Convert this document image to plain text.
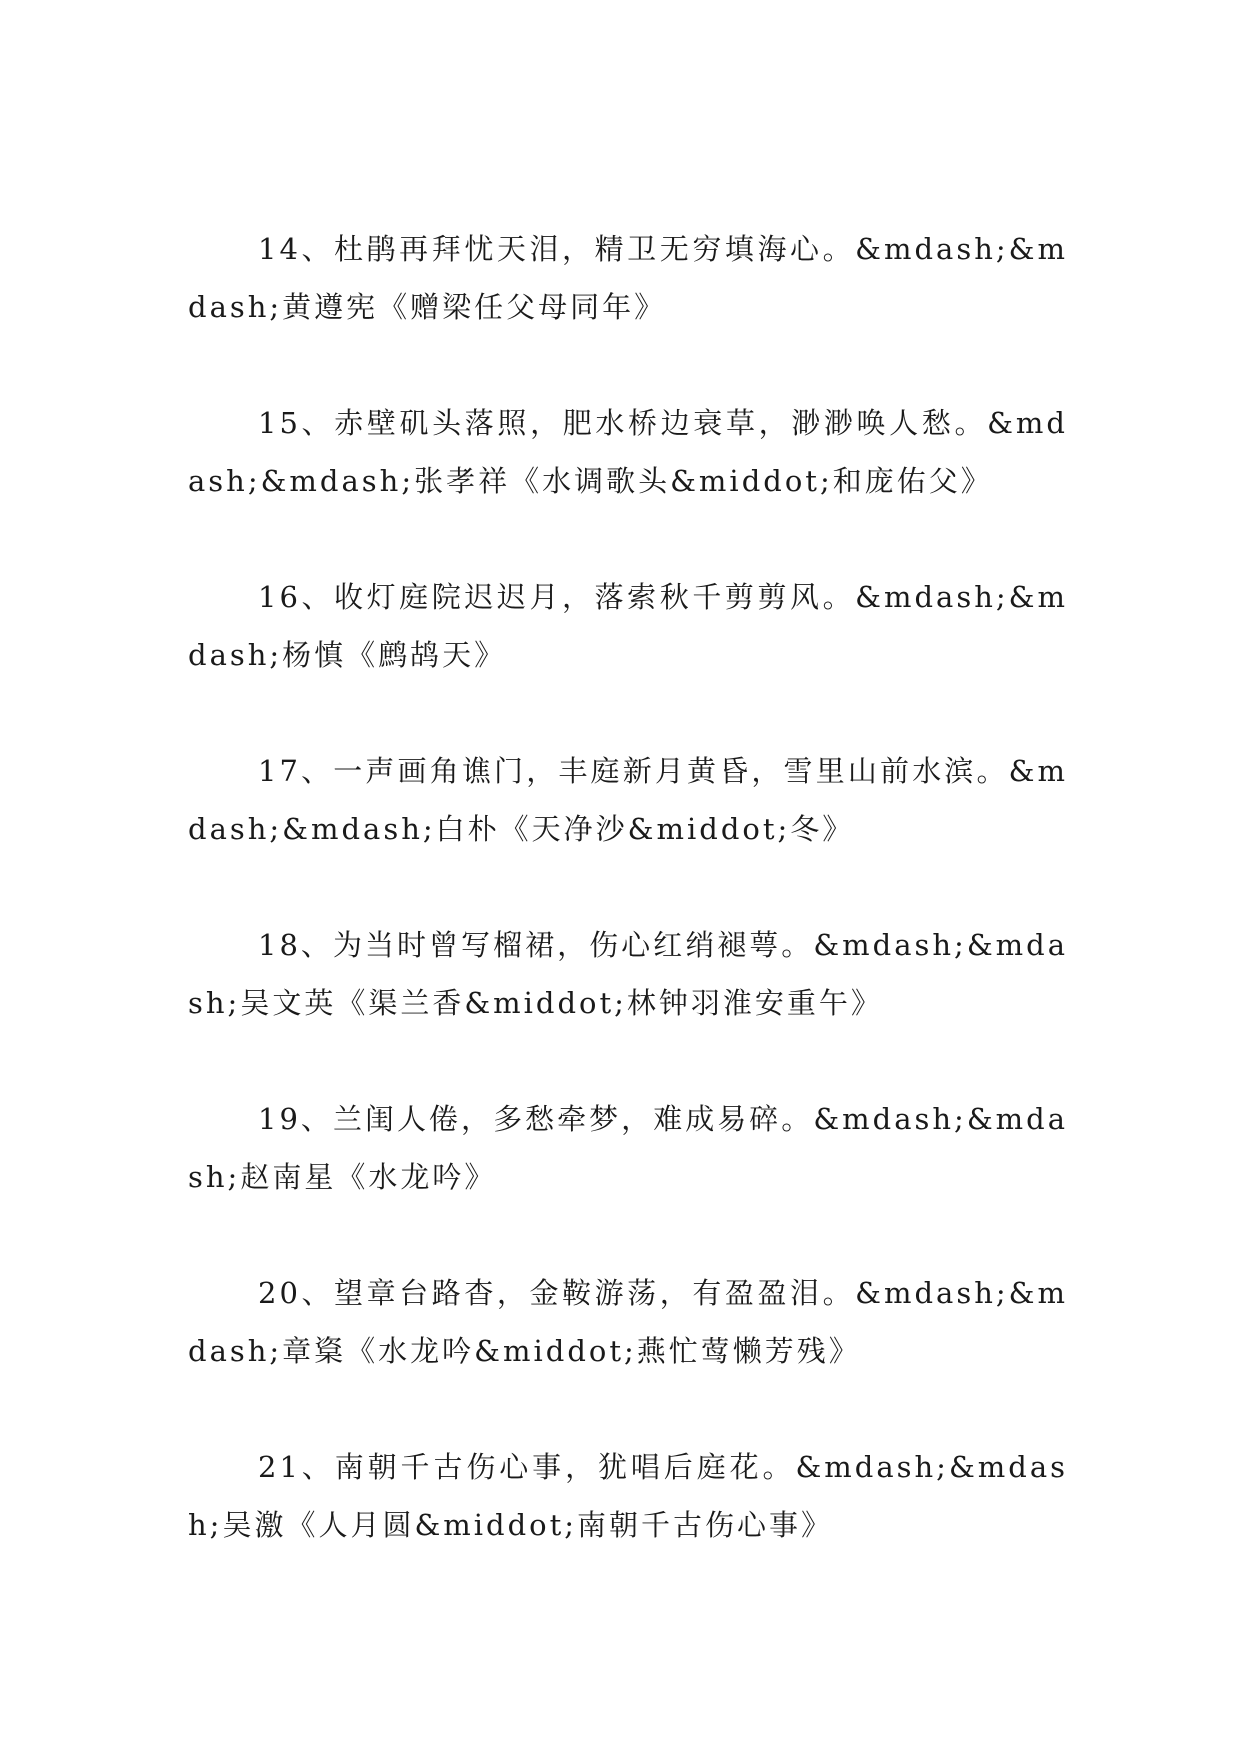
14、杜鹃再拜忧天泪，精卫无穷填海心。&mdash;&mdash;黄遵宪《赠梁任父母同年》

15、赤壁矶头落照，肥水桥边衰草，渺渺唤人愁。&mdash;&mdash;张孝祥《水调歌头&middot;和庞佑父》

16、收灯庭院迟迟月，落索秋千剪剪风。&mdash;&mdash;杨慎《鹧鸪天》

17、一声画角谯门，丰庭新月黄昏，雪里山前水滨。&mdash;&mdash;白朴《天净沙&middot;冬》

18、为当时曾写榴裙，伤心红绡褪萼。&mdash;&mdash;吴文英《渠兰香&middot;林钟羽淮安重午》

19、兰闺人倦，多愁牵梦，难成易碎。&mdash;&mdash;赵南星《水龙吟》

20、望章台路杳，金鞍游荡，有盈盈泪。&mdash;&mdash;章楶《水龙吟&middot;燕忙莺懒芳残》

21、南朝千古伤心事，犹唱后庭花。&mdash;&mdash;吴激《人月圆&middot;南朝千古伤心事》
